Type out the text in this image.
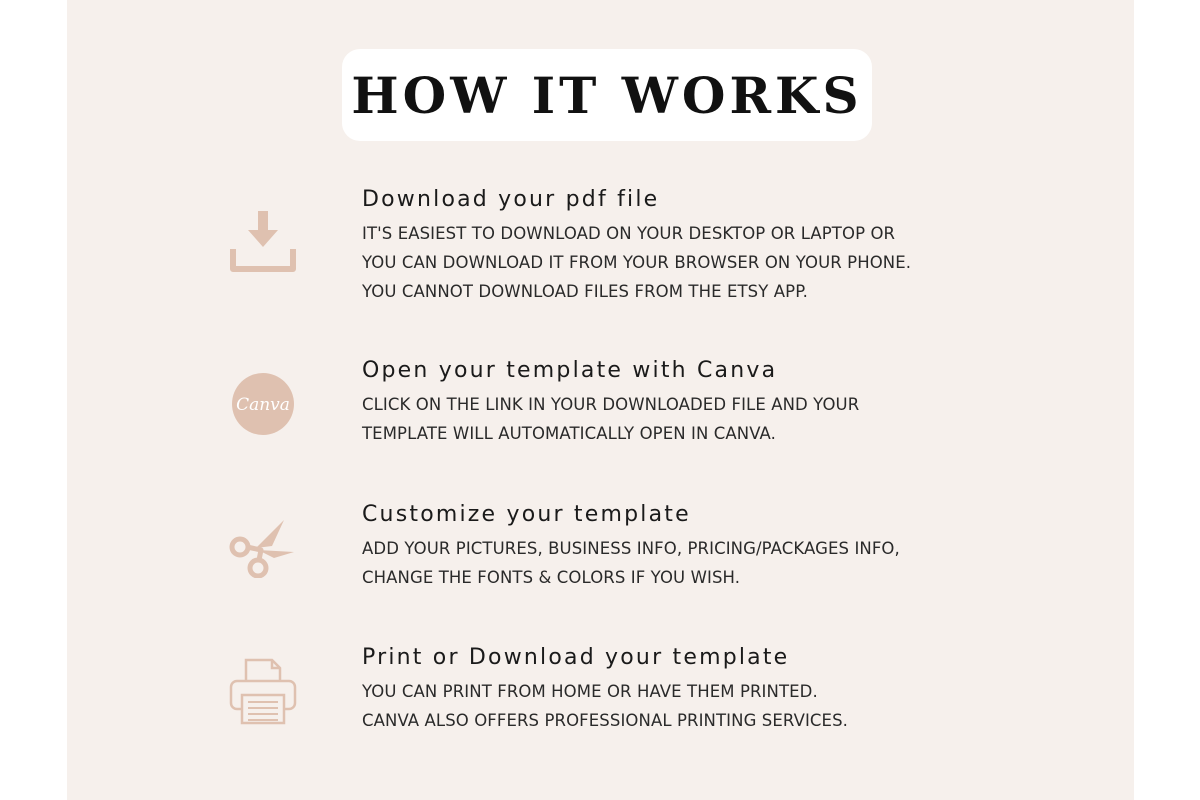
HOW IT WORKS
Download your pdf file
IT'S EASIEST TO DOWNLOAD ON YOUR DESKTOP OR LAPTOP OR
YOU CAN DOWNLOAD IT FROM YOUR BROWSER ON YOUR PHONE.
YOU CANNOT DOWNLOAD FILES FROM THE ETSY APP.
Canva
Open your template with Canva
CLICK ON THE LINK IN YOUR DOWNLOADED FILE AND YOUR
TEMPLATE WILL AUTOMATICALLY OPEN IN CANVA.
Customize your template
ADD YOUR PICTURES, BUSINESS INFO, PRICING/PACKAGES INFO,
CHANGE THE FONTS & COLORS IF YOU WISH.
Print or Download your template
YOU CAN PRINT FROM HOME OR HAVE THEM PRINTED.
CANVA ALSO OFFERS PROFESSIONAL PRINTING SERVICES.
